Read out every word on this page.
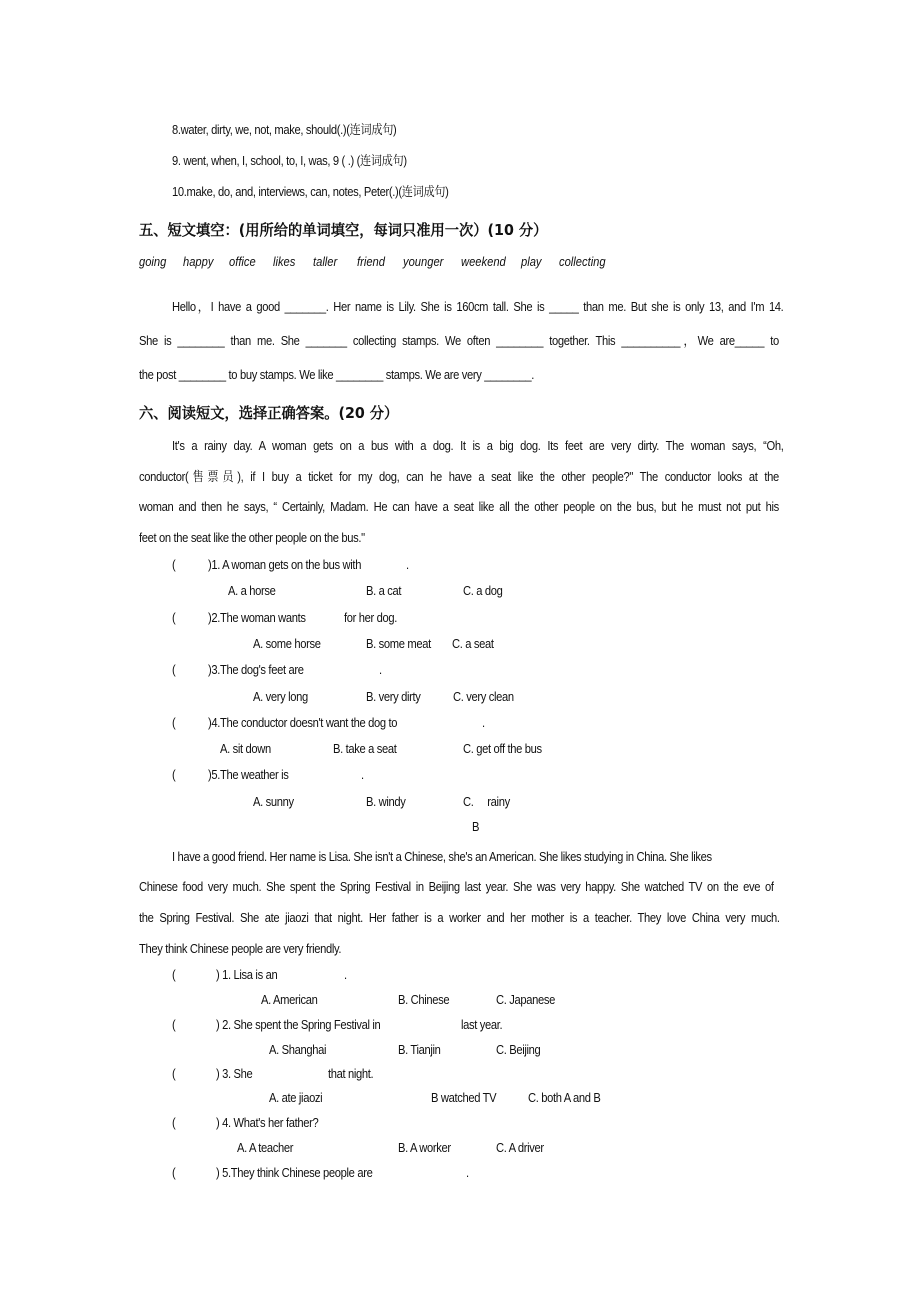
8.water, dirty, we, not, make, should(.)(连词成句)
9. went, when, I, school, to, I, was, 9 ( .) (连词成句)
10.make, do, and, interviews, can, notes, Peter(.)(连词成句)
五、短文填空：(用所给的单词填空，每词只准用一次）(10 分）
going happy office likes taller friend younger weekend play collecting
Hello，I have a good _______. Her name is Lily. She is 160cm tall. She is _____ than me. But she is only 13, and I'm 14.
She is ________ than me. She _______ collecting stamps. We often ________ together. This __________，We are_____ to
the post ________ to buy stamps. We like ________ stamps. We are very ________.
六、阅读短文，选择正确答案。(20 分）
It's a rainy day. A woman gets on a bus with a dog. It is a big dog. Its feet are very dirty. The woman says, “Oh,
conductor(售票员), if I buy a ticket for my dog, can he have a seat like the other people?" The conductor looks at the
woman and then he says, “ Certainly, Madam. He can have a seat like all the other people on the bus, but he must not put his
feet on the seat like the other people on the bus."
(	)1. A woman gets on the bus with	.
A. a horse	B. a cat	C. a dog
(	)2.The woman wants	for her dog.
A. some horse	B. some meat C. a seat
(	)3.The dog's feet are	.
A. very long	B. very dirty C. very clean
(	)4.The conductor doesn't want the dog to	.
A. sit down	B. take a seat	C. get off the bus
(	)5.The weather is	.
A. sunny	B. windy	C.     rainy
B
I have a good friend. Her name is Lisa. She isn't a Chinese, she's an American. She likes studying in China. She likes
Chinese food very much. She spent the Spring Festival in Beijing last year. She was very happy. She watched TV on the eve of
the Spring Festival. She ate jiaozi that night. Her father is a worker and her mother is a teacher. They love China very much.
They think Chinese people are very friendly.
(	) 1. Lisa is an	.
A. American	B. Chinese	C. Japanese
(	) 2. She spent the Spring Festival in	last year.
A. Shanghai	B. Tianjin	C. Beijing
(	) 3. She	that night.
A. ate jiaozi	B watched TV C. both A and B
(	) 4. What's her father?
A. A teacher	B. A worker	C. A driver
(	) 5.They think Chinese people are	.
